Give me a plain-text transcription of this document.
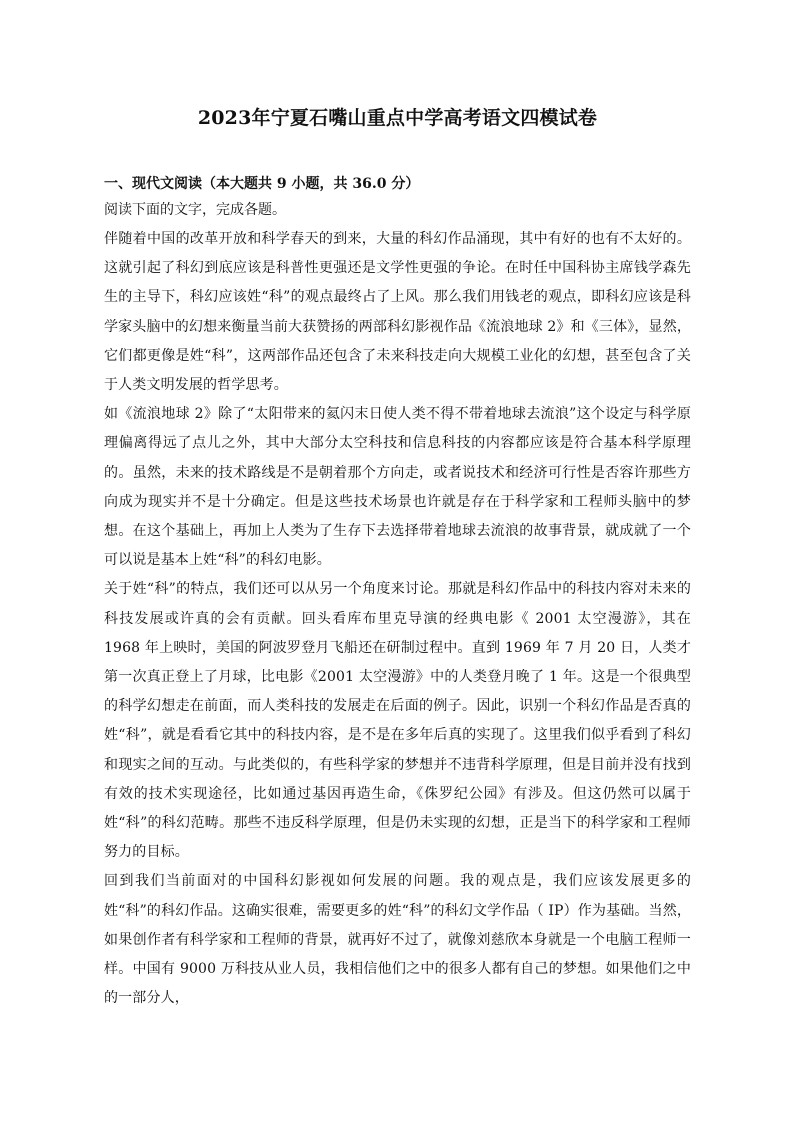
2023年宁夏石嘴山重点中学高考语文四模试卷
一、现代文阅读（本大题共 9 小题，共 36.0 分）

阅读下面的文字，完成各题。

伴随着中国的改革开放和科学春天的到来，大量的科幻作品涌现，其中有好的也有不太好的。这就引起了科幻到底应该是科普性更强还是文学性更强的争论。在时任中国科协主席钱学森先生的主导下，科幻应该姓“科”的观点最终占了上风。那么我们用钱老的观点，即科幻应该是科学家头脑中的幻想来衡量当前大获赞扬的两部科幻影视作品《流浪地球 2》和《三体》，显然，它们都更像是姓“科”，这两部作品还包含了未来科技走向大规模工业化的幻想，甚至包含了关于人类文明发展的哲学思考。

如《流浪地球 2》除了“太阳带来的氦闪末日使人类不得不带着地球去流浪”这个设定与科学原理偏离得远了点儿之外，其中大部分太空科技和信息科技的内容都应该是符合基本科学原理的。虽然，未来的技术路线是不是朝着那个方向走，或者说技术和经济可行性是否容许那些方向成为现实并不是十分确定。但是这些技术场景也许就是存在于科学家和工程师头脑中的梦想。在这个基础上，再加上人类为了生存下去选择带着地球去流浪的故事背景，就成就了一个可以说是基本上姓“科”的科幻电影。

关于姓“科”的特点，我们还可以从另一个角度来讨论。那就是科幻作品中的科技内容对未来的科技发展或许真的会有贡献。回头看库布里克导演的经典电影《 2001 太空漫游》，其在 1968 年上映时，美国的阿波罗登月飞船还在研制过程中。直到 1969 年 7 月 20 日，人类才第一次真正登上了月球，比电影《2001 太空漫游》中的人类登月晚了 1 年。这是一个很典型的科学幻想走在前面，而人类科技的发展走在后面的例子。因此，识别一个科幻作品是否真的姓“科”，就是看看它其中的科技内容，是不是在多年后真的实现了。这里我们似乎看到了科幻和现实之间的互动。与此类似的，有些科学家的梦想并不违背科学原理，但是目前并没有找到有效的技术实现途径，比如通过基因再造生命，《侏罗纪公园》有涉及。但这仍然可以属于姓“科”的科幻范畴。那些不违反科学原理，但是仍未实现的幻想，正是当下的科学家和工程师努力的目标。

回到我们当前面对的中国科幻影视如何发展的问题。我的观点是，我们应该发展更多的姓“科”的科幻作品。这确实很难，需要更多的姓“科”的科幻文学作品（ IP）作为基础。当然，如果创作者有科学家和工程师的背景，就再好不过了，就像刘慈欣本身就是一个电脑工程师一样。中国有 9000 万科技从业人员，我相信他们之中的很多人都有自己的梦想。如果他们之中的一部分人，
